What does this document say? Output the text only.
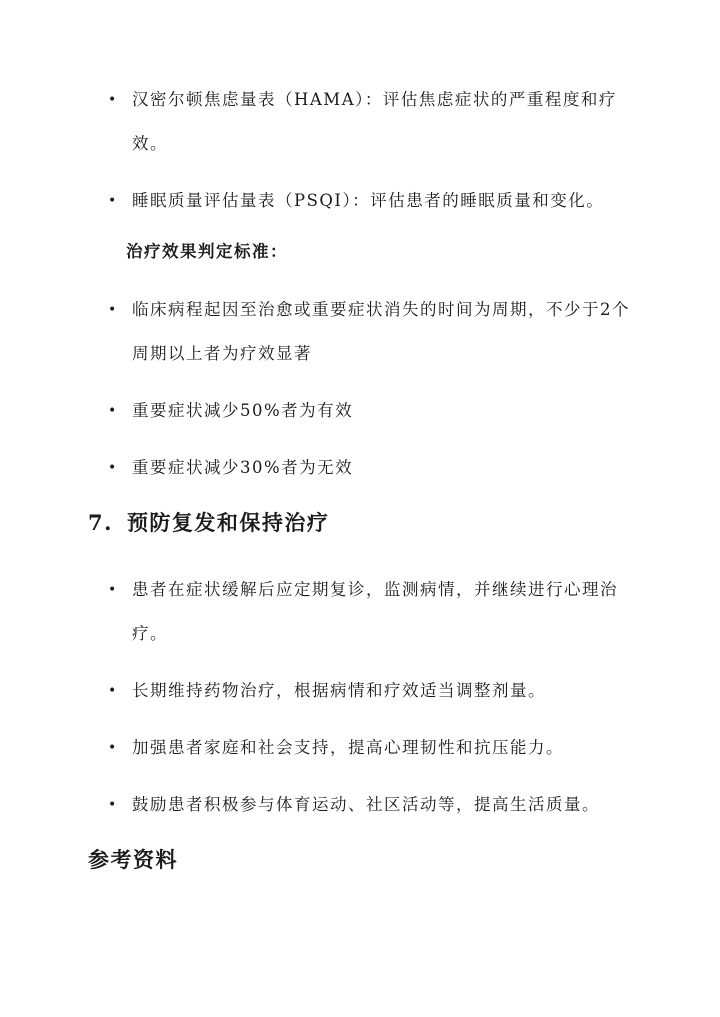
• 汉密尔顿焦虑量表（HAMA）：评估焦虑症状的严重程度和疗效。
• 睡眠质量评估量表（PSQI）：评估患者的睡眠质量和变化。
治疗效果判定标准：
• 临床病程起因至治愈或重要症状消失的时间为周期，不少于2个周期以上者为疗效显著
• 重要症状减少50%者为有效
• 重要症状减少30%者为无效
7. 预防复发和保持治疗
• 患者在症状缓解后应定期复诊，监测病情，并继续进行心理治疗。
• 长期维持药物治疗，根据病情和疗效适当调整剂量。
• 加强患者家庭和社会支持，提高心理韧性和抗压能力。
• 鼓励患者积极参与体育运动、社区活动等，提高生活质量。
参考资料
